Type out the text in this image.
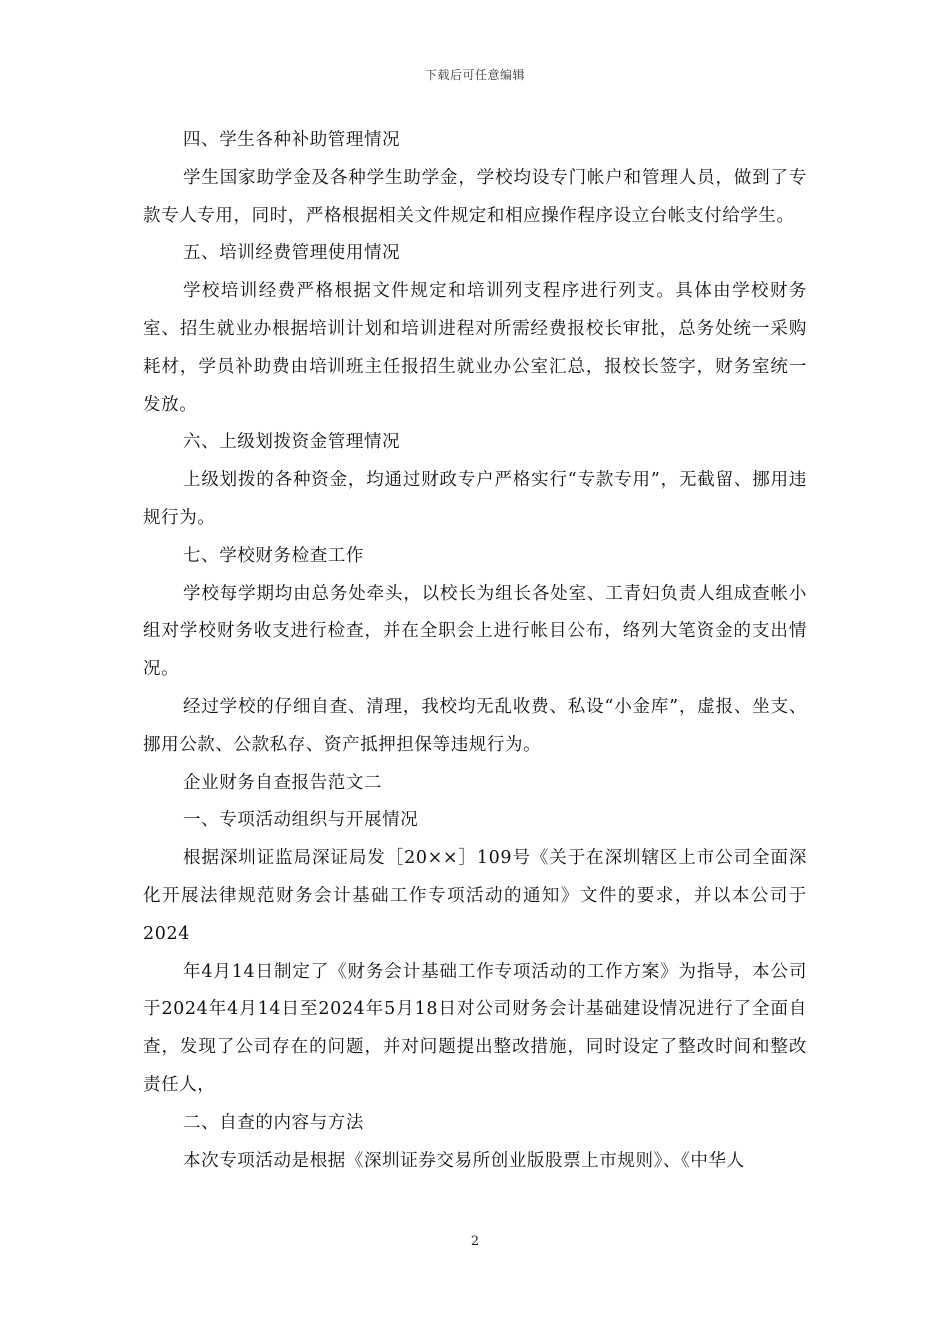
下载后可任意编辑

四、学生各种补助管理情况

学生国家助学金及各种学生助学金，学校均设专门帐户和管理人员，做到了专款专人专用，同时，严格根据相关文件规定和相应操作程序设立台帐支付给学生。

五、培训经费管理使用情况

学校培训经费严格根据文件规定和培训列支程序进行列支。具体由学校财务室、招生就业办根据培训计划和培训进程对所需经费报校长审批，总务处统一采购耗材，学员补助费由培训班主任报招生就业办公室汇总，报校长签字，财务室统一发放。

六、上级划拨资金管理情况

上级划拨的各种资金，均通过财政专户严格实行“专款专用”，无截留、挪用违规行为。

七、学校财务检查工作

学校每学期均由总务处牵头，以校长为组长各处室、工青妇负责人组成查帐小组对学校财务收支进行检查，并在全职会上进行帐目公布，络列大笔资金的支出情况。

经过学校的仔细自查、清理，我校均无乱收费、私设“小金库”，虚报、坐支、挪用公款、公款私存、资产抵押担保等违规行为。

企业财务自查报告范文二

一、专项活动组织与开展情况

根据深圳证监局深证局发［20××］109号《关于在深圳辖区上市公司全面深化开展法律规范财务会计基础工作专项活动的通知》文件的要求，并以本公司于2024

年4月14日制定了《财务会计基础工作专项活动的工作方案》为指导，本公司于2024年4月14日至2024年5月18日对公司财务会计基础建设情况进行了全面自查，发现了公司存在的问题，并对问题提出整改措施，同时设定了整改时间和整改责任人，

二、自查的内容与方法

本次专项活动是根据《深圳证券交易所创业版股票上市规则》、《中华人

2
